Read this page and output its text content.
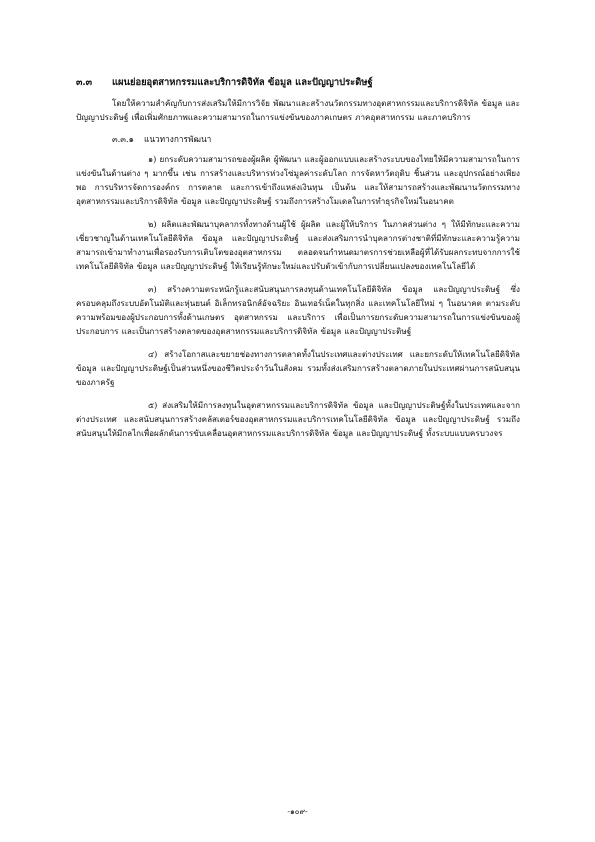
๓.๓ แผนย่อยอุตสาหกรรมและบริการดิจิทัล ข้อมูล และปัญญาประดิษฐ์

โดยให้ความสำคัญกับการส่งเสริมให้มีการวิจัย พัฒนาและสร้างนวัตกรรมทางอุตสาหกรรมและบริการดิจิทัล ข้อมูล และปัญญาประดิษฐ์ เพื่อเพิ่มศักยภาพและความสามารถในการแข่งขันของภาคเกษตร ภาคอุตสาหกรรม และภาคบริการ

๓.๓.๑ แนวทางการพัฒนา

๑) ยกระดับความสามารถของผู้ผลิต ผู้พัฒนา และผู้ออกแบบและสร้างระบบของไทยให้มีความสามารถในการแข่งขันในด้านต่าง ๆ มากขึ้น เช่น การสร้างและบริหารห่วงโซ่มูลค่าระดับโลก การจัดหาวัตถุดิบ ชิ้นส่วน และอุปกรณ์อย่างเพียงพอ การบริหารจัดการองค์กร การตลาด และการเข้าถึงแหล่งเงินทุน เป็นต้น และให้สามารถสร้างและพัฒนานวัตกรรมทางอุตสาหกรรมและบริการดิจิทัล ข้อมูล และปัญญาประดิษฐ์ รวมถึงการสร้างโมเดลในการทำธุรกิจใหม่ในอนาคต

๒) ผลิตและพัฒนาบุคลากรทั้งทางด้านผู้ใช้ ผู้ผลิต และผู้ให้บริการ ในภาคส่วนต่าง ๆ ให้มีทักษะและความเชี่ยวชาญในด้านเทคโนโลยีดิจิทัล ข้อมูล และปัญญาประดิษฐ์ และส่งเสริมการนำบุคลากรต่างชาติที่มีทักษะและความรู้ความสามารถเข้ามาทำงานเพื่อรองรับการเติบโตของอุตสาหกรรม ตลอดจนกำหนดมาตรการช่วยเหลือผู้ที่ได้รับผลกระทบจากการใช้เทคโนโลยีดิจิทัล ข้อมูล และปัญญาประดิษฐ์ ให้เรียนรู้ทักษะใหม่และปรับตัวเข้ากับการเปลี่ยนแปลงของเทคโนโลยีได้

๓) สร้างความตระหนักรู้และสนับสนุนการลงทุนด้านเทคโนโลยีดิจิทัล ข้อมูล และปัญญาประดิษฐ์ ซึ่งครอบคลุมถึงระบบอัตโนมัติและหุ่นยนต์ อิเล็กทรอนิกส์อัจฉริยะ อินเทอร์เน็ตในทุกสิ่ง และเทคโนโลยีใหม่ ๆ ในอนาคต ตามระดับความพร้อมของผู้ประกอบการทั้งด้านเกษตร อุตสาหกรรม และบริการ เพื่อเป็นการยกระดับความสามารถในการแข่งขันของผู้ประกอบการ และเป็นการสร้างตลาดของอุตสาหกรรมและบริการดิจิทัล ข้อมูล และปัญญาประดิษฐ์

๔) สร้างโอกาสและขยายช่องทางการตลาดทั้งในประเทศและต่างประเทศ และยกระดับให้เทคโนโลยีดิจิทัล ข้อมูล และปัญญาประดิษฐ์เป็นส่วนหนึ่งของชีวิตประจำวันในสังคม รวมทั้งส่งเสริมการสร้างตลาดภายในประเทศผ่านการสนับสนุนของภาครัฐ

๕) ส่งเสริมให้มีการลงทุนในอุตสาหกรรมและบริการดิจิทัล ข้อมูล และปัญญาประดิษฐ์ทั้งในประเทศและจากต่างประเทศ และสนับสนุนการสร้างคลัสเตอร์ของอุตสาหกรรมและบริการเทคโนโลยีดิจิทัล ข้อมูล และปัญญาประดิษฐ์ รวมถึงสนับสนุนให้มีกลไกเพื่อผลักดันการขับเคลื่อนอุตสาหกรรมและบริการดิจิทัล ข้อมูล และปัญญาประดิษฐ์ ทั้งระบบแบบครบวงจร

-๑๐๙-
